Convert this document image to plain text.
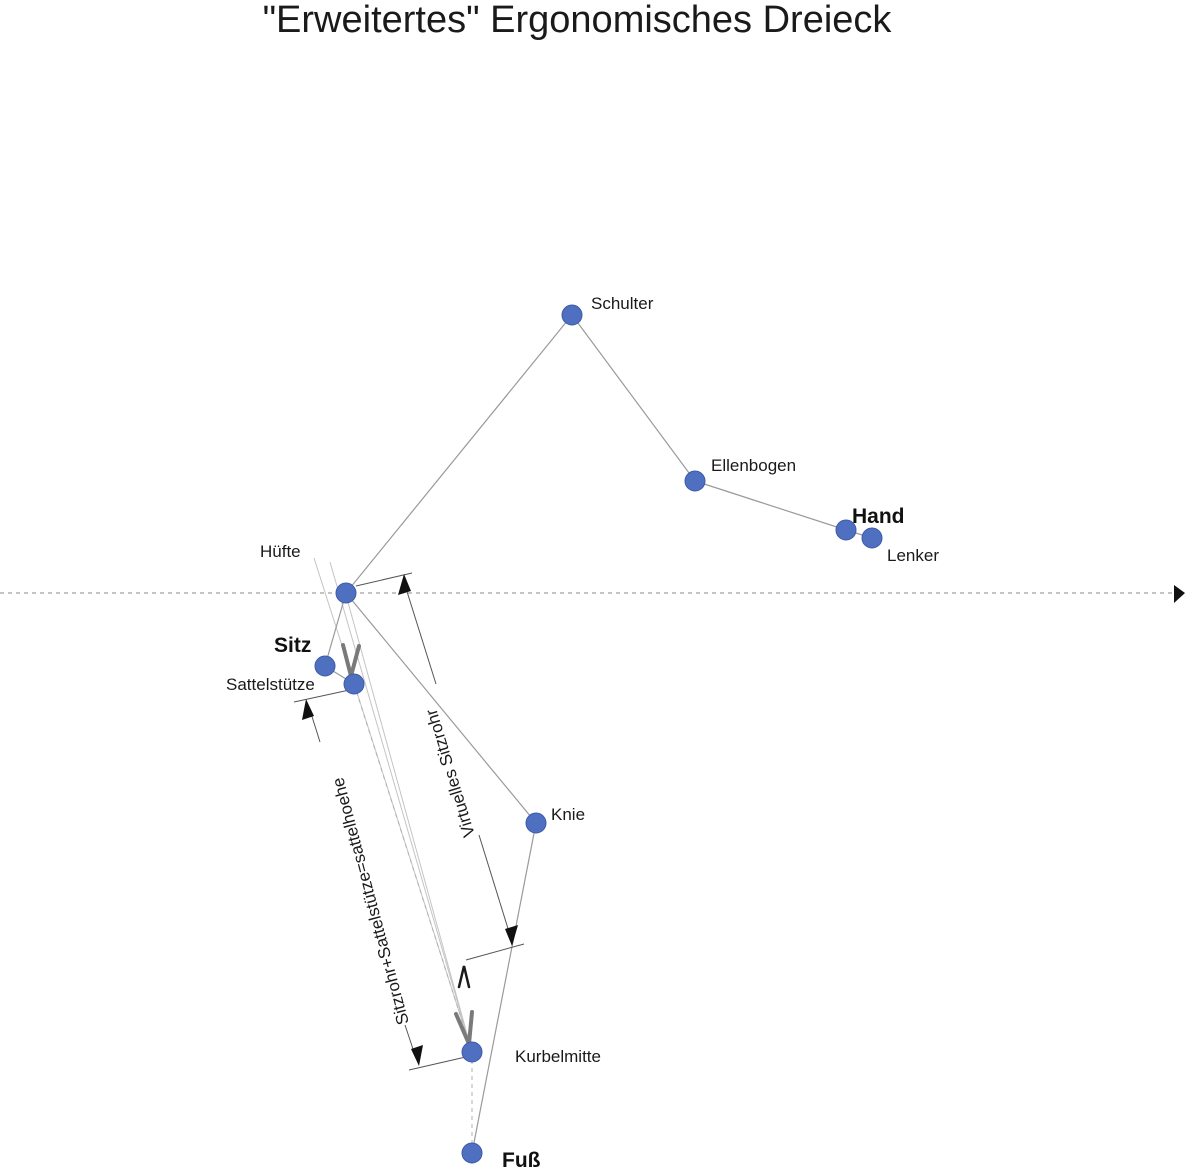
"Erweitertes" Ergonomisches Dreieck
Virtuelles Sitzrohr
Sitzrohr+Sattelstütze=sattelhoehe
Schulter
Ellenbogen
Hand
Lenker
Hüfte
Sitz
Sattelstütze
Knie
Kurbelmitte
Fuß
